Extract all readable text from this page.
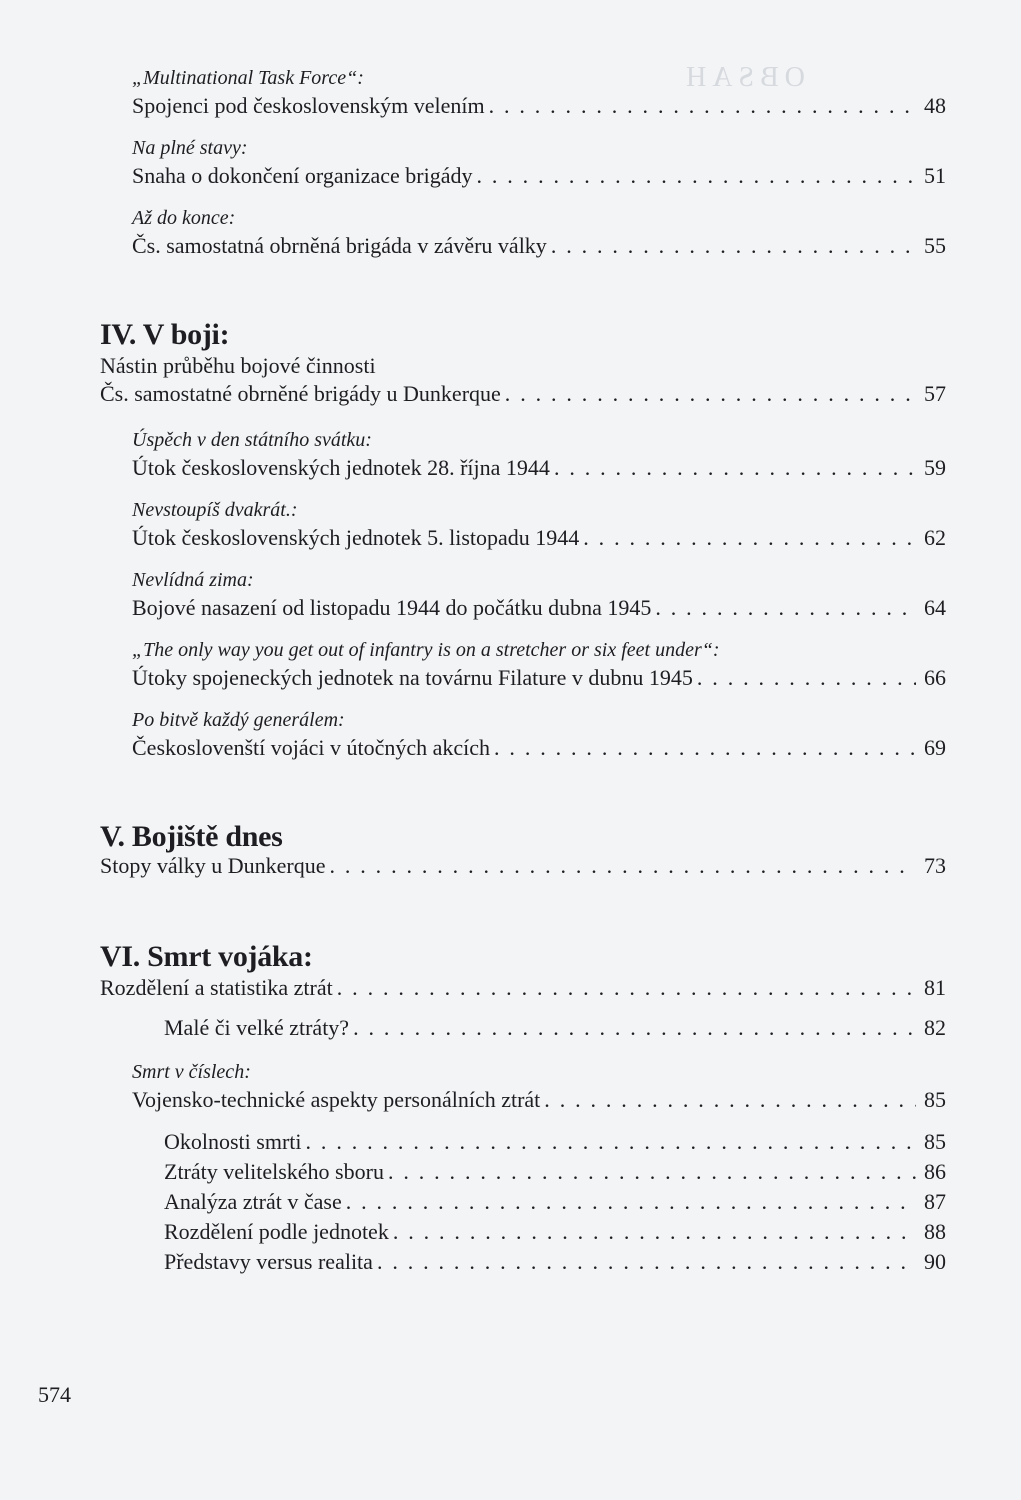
OBSAH
„Multinational Task Force“:
Spojenci pod československým velením . . .	48
Na plné stavy:
Snaha o dokončení organizace brigády . . .	51
Až do konce:
Čs. samostatná obrněná brigáda v závěru války . . .	55
IV. V boji:
Nástin průběhu bojové činnosti
Čs. samostatné obrněné brigády u Dunkerque . . .	57
Úspěch v den státního svátku:
Útok československých jednotek 28. října 1944 . . .	59
Nevstoupíš dvakrát.:
Útok československých jednotek 5. listopadu 1944 . . .	62
Nevlídná zima:
Bojové nasazení od listopadu 1944 do počátku dubna 1945 . . .	64
„The only way you get out of infantry is on a stretcher or six feet under“:
Útoky spojeneckých jednotek na továrnu Filature v dubnu 1945 . . .	66
Po bitvě každý generálem:
Českoslovenští vojáci v útočných akcích . . .	69
V. Bojiště dnes
Stopy války u Dunkerque . . .	73
VI. Smrt vojáka:
Rozdělení a statistika ztrát . . .	81
Malé či velké ztráty? . . .	82
Smrt v číslech:
Vojensko-technické aspekty personálních ztrát . . .	85
Okolnosti smrti . . .	85
Ztráty velitelského sboru . . .	86
Analýza ztrát v čase . . .	87
Rozdělení podle jednotek . . .	88
Představy versus realita . . .	90
574
